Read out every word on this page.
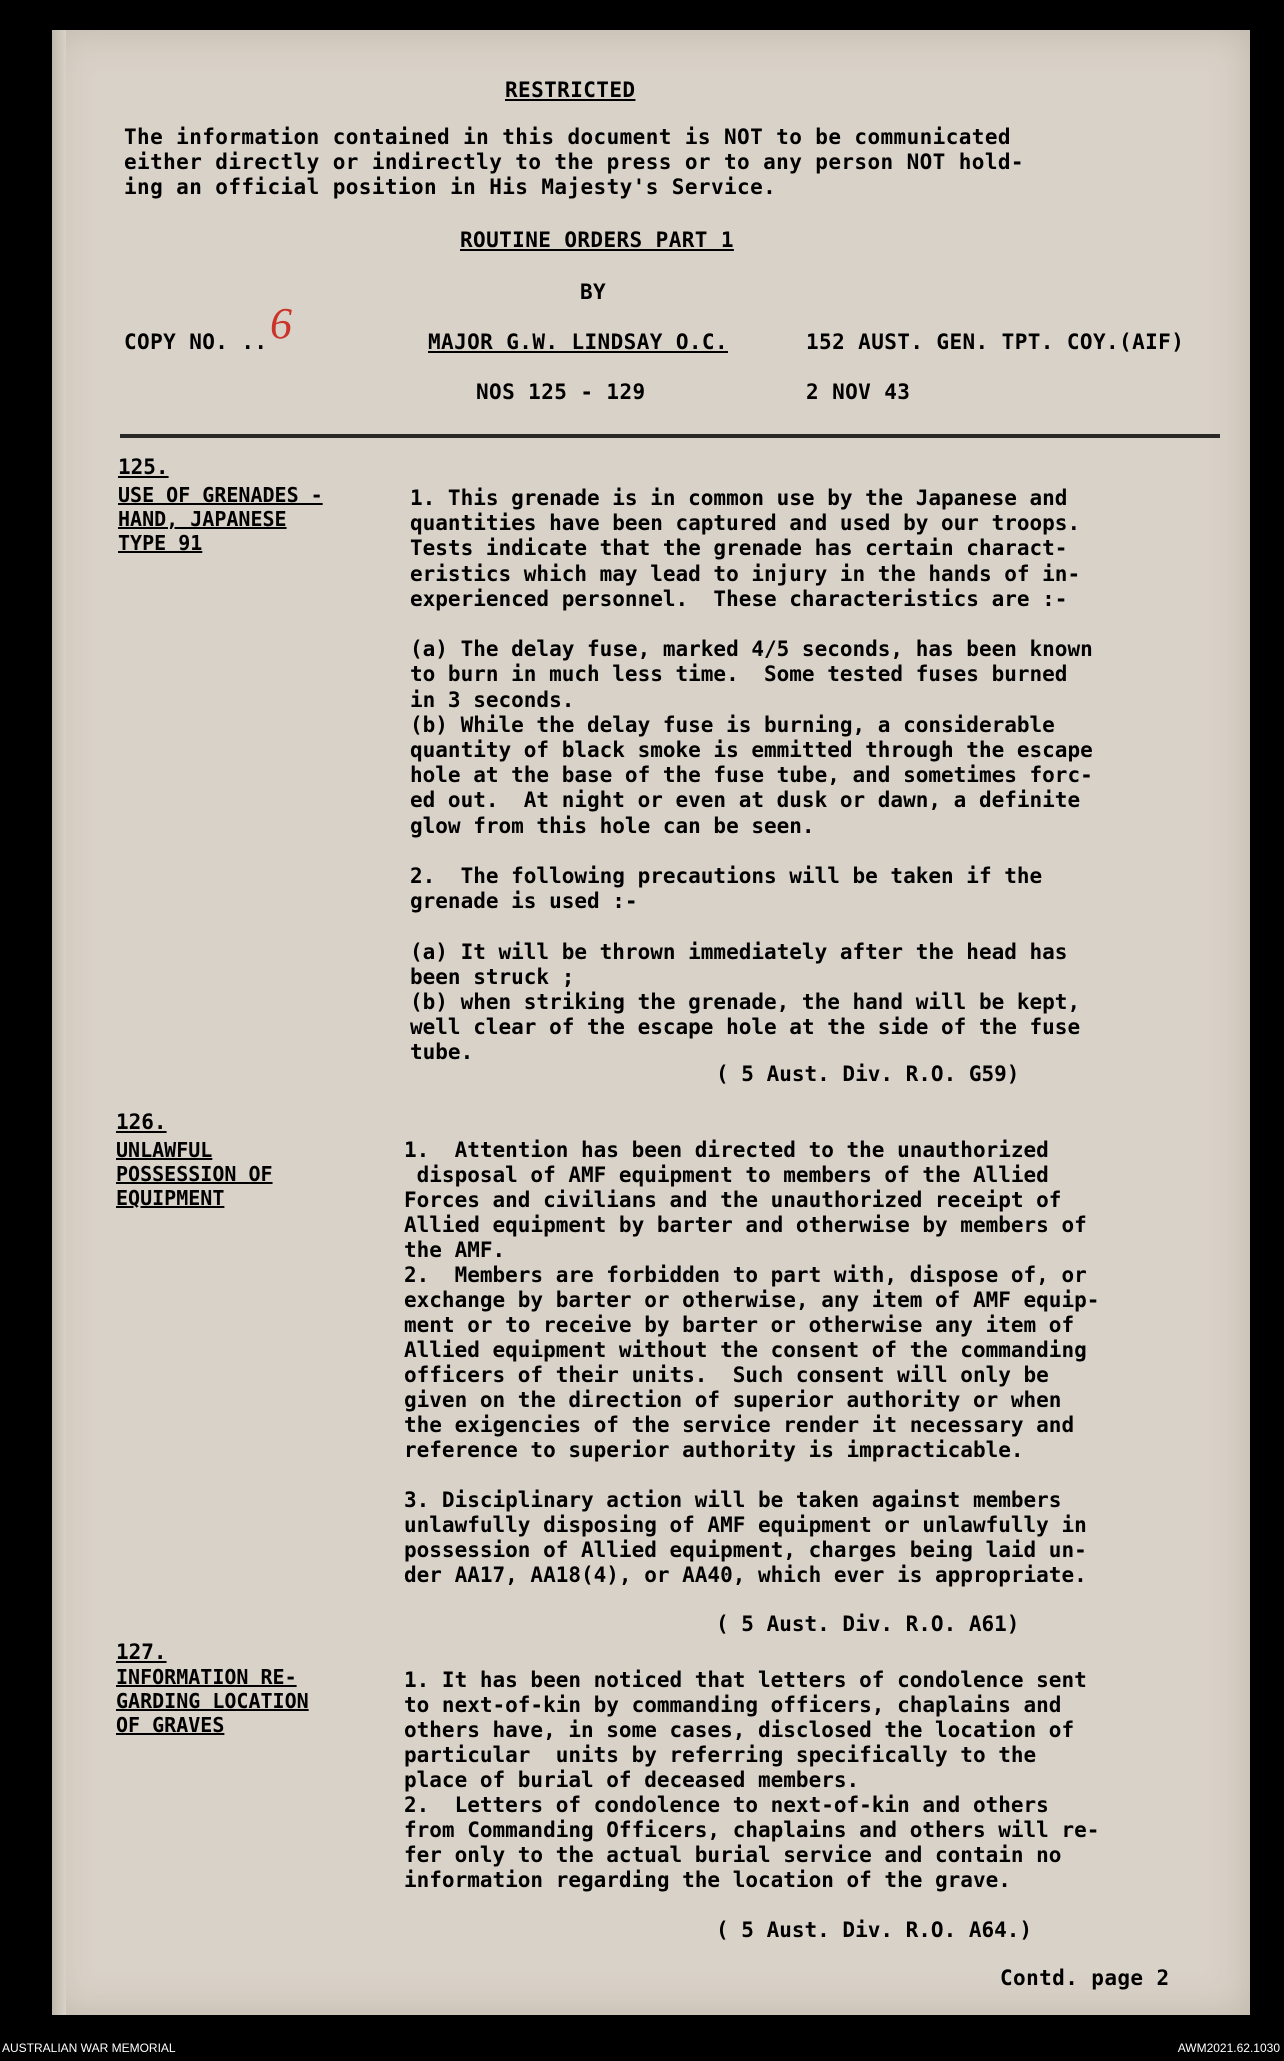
RESTRICTED
The information contained in this document is NOT to be communicated
either directly or indirectly to the press or to any person NOT hold-
ing an official position in His Majesty's Service.
ROUTINE ORDERS PART 1
BY
COPY NO. .. 6	MAJOR G.W. LINDSAY O.C.	152 AUST. GEN. TPT. COY.(AIF)
NOS 125 - 129	2 NOV 43
125.
USE OF GRENADES -
HAND, JAPANESE
TYPE 91
1. This grenade is in common use by the Japanese and
quantities have been captured and used by our troops.
Tests indicate that the grenade has certain charact-
eristics which may lead to injury in the hands of in-
experienced personnel.  These characteristics are :-
(a) The delay fuse, marked 4/5 seconds, has been known
to burn in much less time.  Some tested fuses burned
in 3 seconds.
(b) While the delay fuse is burning, a considerable
quantity of black smoke is emmitted through the escape
hole at the base of the fuse tube, and sometimes forc-
ed out.  At night or even at dusk or dawn, a definite
glow from this hole can be seen.
2.  The following precautions will be taken if the
grenade is used :-
(a) It will be thrown immediately after the head has
been struck ;
(b) when striking the grenade, the hand will be kept,
well clear of the escape hole at the side of the fuse
tube.
( 5 Aust. Div. R.O. G59)
126.
UNLAWFUL
POSSESSION OF
EQUIPMENT
1.  Attention has been directed to the unauthorized
disposal of AMF equipment to members of the Allied
Forces and civilians and the unauthorized receipt of
Allied equipment by barter and otherwise by members of
the AMF.
2.  Members are forbidden to part with, dispose of, or
exchange by barter or otherwise, any item of AMF equip-
ment or to receive by barter or otherwise any item of
Allied equipment without the consent of the commanding
officers of their units.  Such consent will only be
given on the direction of superior authority or when
the exigencies of the service render it necessary and
reference to superior authority is impracticable.
3. Disciplinary action will be taken against members
unlawfully disposing of AMF equipment or unlawfully in
possession of Allied equipment, charges being laid un-
der AA17, AA18(4), or AA40, which ever is appropriate.
( 5 Aust. Div. R.O. A61)
127.
INFORMATION RE-
GARDING LOCATION
OF GRAVES
1. It has been noticed that letters of condolence sent
to next-of-kin by commanding officers, chaplains and
others have, in some cases, disclosed the location of
particular  units by referring specifically to the
place of burial of deceased members.
2.  Letters of condolence to next-of-kin and others
from Commanding Officers, chaplains and others will re-
fer only to the actual burial service and contain no
information regarding the location of the grave.
( 5 Aust. Div. R.O. A64.)
Contd. page 2
AUSTRALIAN WAR MEMORIAL	AWM2021.62.1030
